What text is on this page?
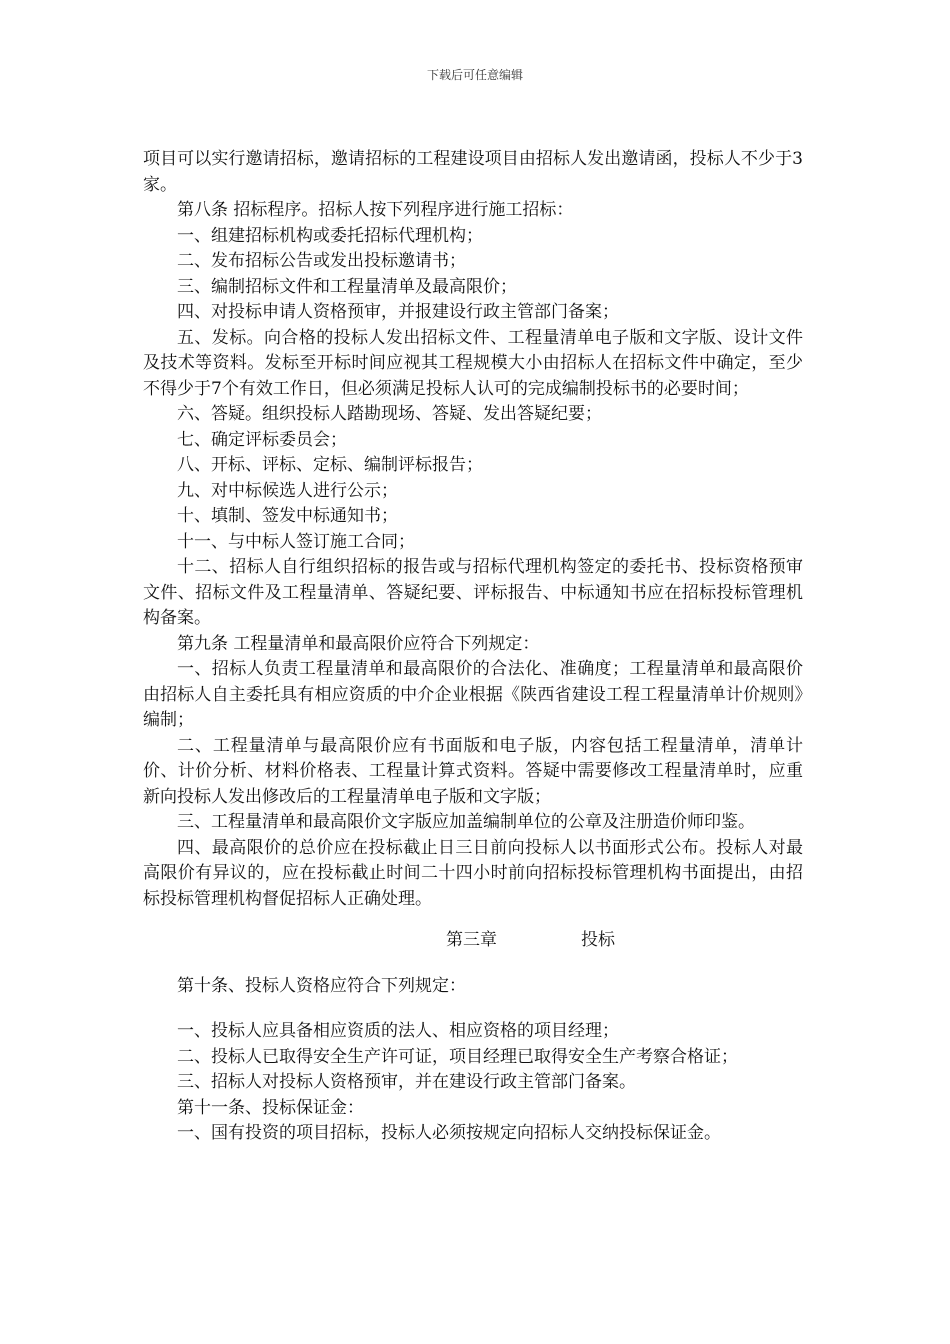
下载后可任意编辑

项目可以实行邀请招标，邀请招标的工程建设项目由招标人发出邀请函，投标人不少于3家。

第八条 招标程序。招标人按下列程序进行施工招标：

一、组建招标机构或委托招标代理机构；

二、发布招标公告或发出投标邀请书；

三、编制招标文件和工程量清单及最高限价；

四、对投标申请人资格预审，并报建设行政主管部门备案；

五、发标。向合格的投标人发出招标文件、工程量清单电子版和文字版、设计文件及技术等资料。发标至开标时间应视其工程规模大小由招标人在招标文件中确定，至少不得少于7个有效工作日，但必须满足投标人认可的完成编制投标书的必要时间；

六、答疑。组织投标人踏勘现场、答疑、发出答疑纪要；

七、确定评标委员会；

八、开标、评标、定标、编制评标报告；

九、对中标候选人进行公示；

十、填制、签发中标通知书；

十一、与中标人签订施工合同；

十二、招标人自行组织招标的报告或与招标代理机构签定的委托书、投标资格预审文件、招标文件及工程量清单、答疑纪要、评标报告、中标通知书应在招标投标管理机构备案。

第九条 工程量清单和最高限价应符合下列规定：

一、招标人负责工程量清单和最高限价的合法化、准确度；工程量清单和最高限价由招标人自主委托具有相应资质的中介企业根据《陕西省建设工程工程量清单计价规则》编制；

二、工程量清单与最高限价应有书面版和电子版，内容包括工程量清单，清单计价、计价分析、材料价格表、工程量计算式资料。答疑中需要修改工程量清单时，应重新向投标人发出修改后的工程量清单电子版和文字版；

三、工程量清单和最高限价文字版应加盖编制单位的公章及注册造价师印鉴。

四、最高限价的总价应在投标截止日三日前向投标人以书面形式公布。投标人对最高限价有异议的，应在投标截止时间二十四小时前向招标投标管理机构书面提出，由招标投标管理机构督促招标人正确处理。

第三章	投标

第十条、投标人资格应符合下列规定：

一、投标人应具备相应资质的法人、相应资格的项目经理；

二、投标人已取得安全生产许可证，项目经理已取得安全生产考察合格证；

三、招标人对投标人资格预审，并在建设行政主管部门备案。

第十一条、投标保证金：

一、国有投资的项目招标，投标人必须按规定向招标人交纳投标保证金。
